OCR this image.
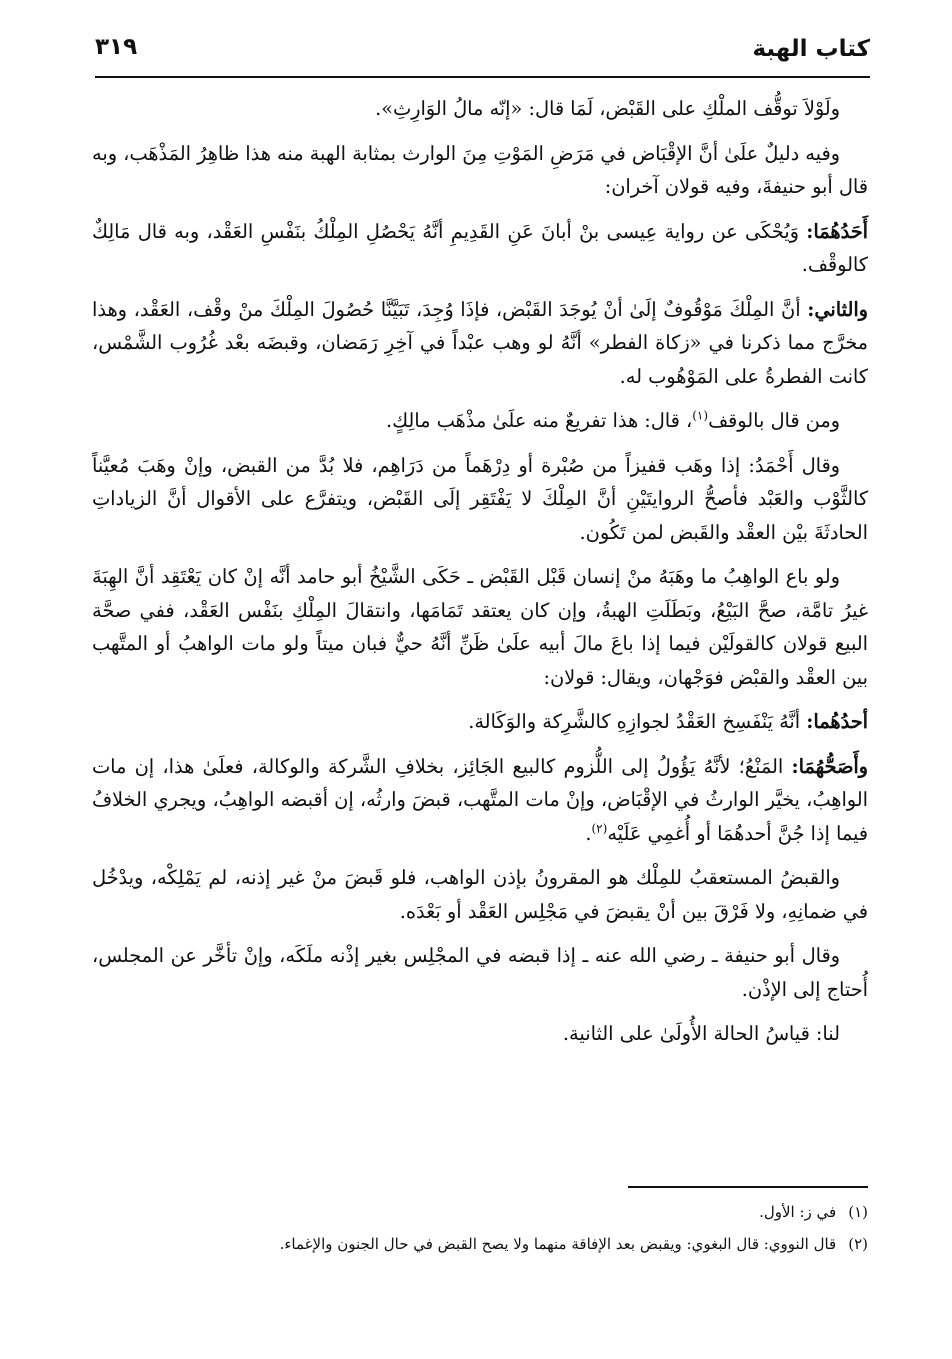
كتاب الهبة
٣١٩

ولَوْلاَ توقُّف الملْكِ على القَبْض، لَمَا قال: «إنّه مالُ الوَارِثِ».

وفيه دليلٌ علَىٰ أنَّ الإقْبَاض في مَرَضِ المَوْتِ مِنَ الوارث بمثابة الهبة منه هذا ظاهِرُ المَذْهَب، وبه قال أبو حنيفةَ، وفيه قولان آخران:

أَحَدُهُمَا: وَيُحْكَى عن رواية عِيسى بنْ أبانَ عَنِ القَدِيمِ أنَّهُ يَحْصُلِ المِلْكُ بنَفْسِ العَقْد، وبه قال مَالِكٌ كالوقْف.

والثاني: أنَّ المِلْكَ مَوْقُوفٌ إلَىٰ أنْ يُوجَدَ القَبْض، فإذَا وُجِدَ، تَبَيَّنَّا حُصُولَ المِلْكَ منْ وقْف، العَقْد، وهذا مخرَّج مما ذكرنا في «زكاة الفطر» أنَّهُ لو وهب عبْداً في آخِرِ رَمَضان، وقبضَه بعْد غُرُوب الشَّمْس، كانت الفطرةُ على المَوْهُوب له.

ومن قال بالوقف$^{(١)}$، قال: هذا تفريعٌ منه علَىٰ مذْهَب مالِكٍ.

وقال أَحْمَدُ: إذا وهَب قفيزاً من صُبْرة أو دِرْهَماً من دَرَاهِم، فلا بُدَّ من القبض، وإنْ وهَبَ مُعيَّناً كالثَّوْب والعَبْد فأصحُّ الروايتَيْنِ أنَّ المِلْكَ لا يَفْتَقِر إلَى القَبْض، ويتفرَّع على الأقوال أنَّ الزياداتِ الحادثَةَ بيْن العقْد والقَبض لمن تَكُون.

ولو باع الواهِبُ ما وهَبَهُ منْ إنسان قَبْل القَبْض ـ حَكَى الشَّيْخُ أبو حامد أنَّه إنْ كان يَعْتَقِد أنَّ الهِبَةَ غيرُ تامَّة، صحَّ البَيْعُ، وبَطَلَتِ الهبةُ، وإن كان يعتقد تَمَامَها، وانتقالَ المِلْكِ بنَفْس العَقْد، ففي صحَّة البيع قولان كالقولَيْن فيما إذا باعَ مالَ أبيه علَىٰ ظَنِّ أنَّهُ حيٌّ فبان ميتاً ولو مات الواهبُ أو المتَّهب بين العقْد والقبْض فوَجْهان، ويقال: قولان:

أحدُهُما: أنَّهُ يَنْفَسِخ العَقْدُ لجوازِهِ كالشَّرِكة والوَكَالة.

وأَصَحُّهُمَا: المَنْعُ؛ لأنَّهُ يَؤُولُ إلى اللُّزوم كالبيع الجَائِز، بخلافِ الشَّركة والوكالة، فعلَىٰ هذا، إن مات الواهِبُ، يخيَّر الوارثُ في الإقْبَاض، وإنْ مات المتَّهب، قبضَ وارثُه، إن أقبضه الواهِبُ، ويجري الخلافُ فيما إذا جُنَّ أحدهُمَا أو أُغمِي عَلَيْه$^{(٢)}$.

والقبضُ المستعقبُ للمِلْك هو المقرونُ بإذن الواهب، فلو قَبضَ منْ غير إذنه، لم يَمْلِكْه، ويدْخُل في ضمانِهِ، ولا فَرْقَ بين أنْ يقبضَ في مَجْلِس العَقْد أو بَعْدَه.

وقال أبو حنيفة ـ رضي الله عنه ـ إذا قبضه في المجْلِس بغير إذْنه ملَكَه، وإنْ تأخَّر عن المجلس، أُحتاج إلى الإذْن.

لنا: قياسُ الحالة الأُولَىٰ على الثانية.

(١)في ز: الأول.

(٢)قال النووي: قال البغوي: ويقبض بعد الإفاقة منهما ولا يصح القبض في حال الجنون والإغماء.
